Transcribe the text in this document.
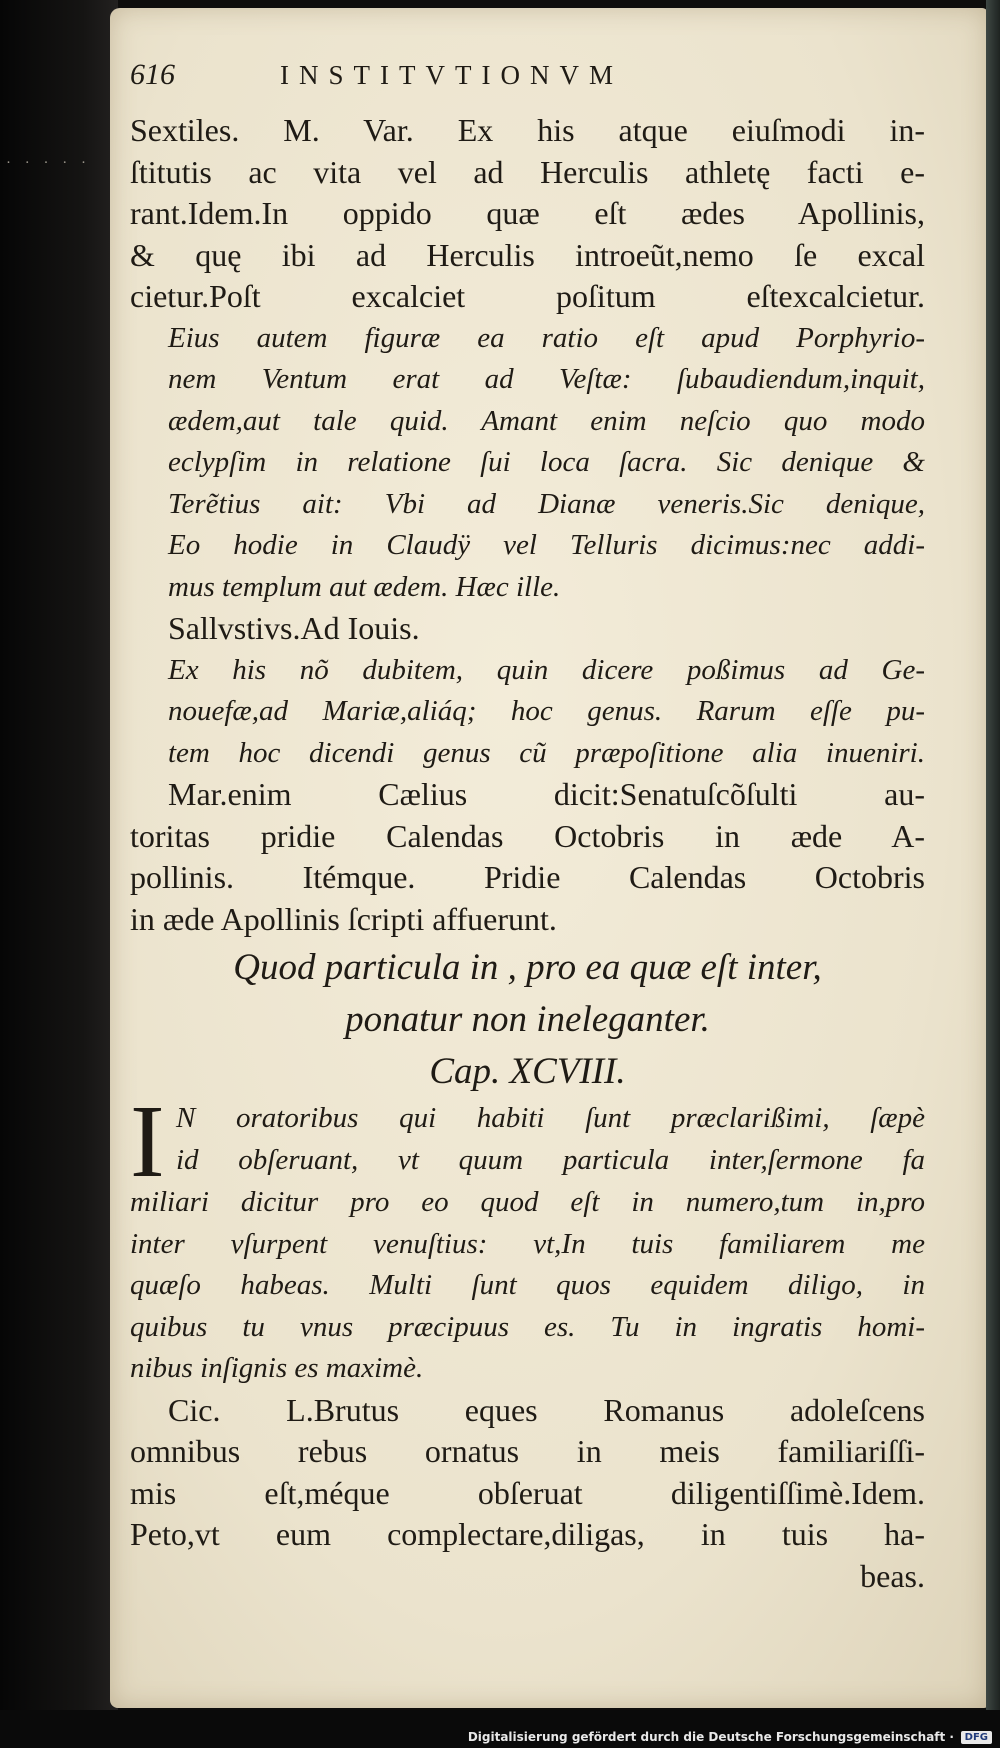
· · · · ·
616	INSTITVTIONVM

Sextiles. M. Var. Ex his atque eiuſmodi in-
ſtitutis ac vita vel ad Herculis athletę facti e-
rant.Idem.In oppido quæ eſt ædes Apollinis,
& quę ibi ad Herculis introeũt,nemo ſe excal
cietur.Poſt excalciet poſitum eſtexcalcietur.

Eius autem figuræ ea ratio eſt apud Porphyrio-
nem Ventum erat ad Veſtæ: ſubaudiendum,inquit,
ædem,aut tale quid. Amant enim neſcio quo modo
eclypſim in relatione ſui loca ſacra. Sic denique &
Terẽtius ait: Vbi ad Dianæ veneris.Sic denique,
Eo hodie in Claudÿ vel Telluris dicimus:nec addi-
mus templum aut ædem. Hæc ille.

Sallvstivs.Ad Iouis.

Ex his nõ dubitem, quin dicere poßimus ad Ge-
nouefæ,ad Mariæ,aliáq; hoc genus. Rarum eſſe pu-
tem hoc dicendi genus cũ præpoſitione alia inueniri.

Mar.enim Cælius dicit:Senatuſcõſulti au-
toritas pridie Calendas Octobris in æde A-
pollinis. Itémque. Pridie Calendas Octobris
in æde Apollinis ſcripti affuerunt.

Quod particula in , pro ea quæ eſt inter,
ponatur non ineleganter.
Cap. XCVIII.
I N oratoribus qui habiti ſunt præclarißimi, ſæpè
id obſeruant, vt quum particula inter,ſermone fa

miliari dicitur pro eo quod eſt in numero,tum in,pro
inter vſurpent venuſtius: vt,In tuis familiarem me
quæſo habeas. Multi ſunt quos equidem diligo, in
quibus tu vnus præcipuus es. Tu in ingratis homi-
nibus inſignis es maximè.

Cic. L.Brutus eques Romanus adoleſcens
omnibus rebus ornatus in meis familiariſſi-
mis eſt,méque obſeruat diligentiſſimè.Idem.
Peto,vt eum complectare,diligas, in tuis ha-
beas.

Digitalisierung gefördert durch die Deutsche Forschungsgemeinschaft ·	DFG
